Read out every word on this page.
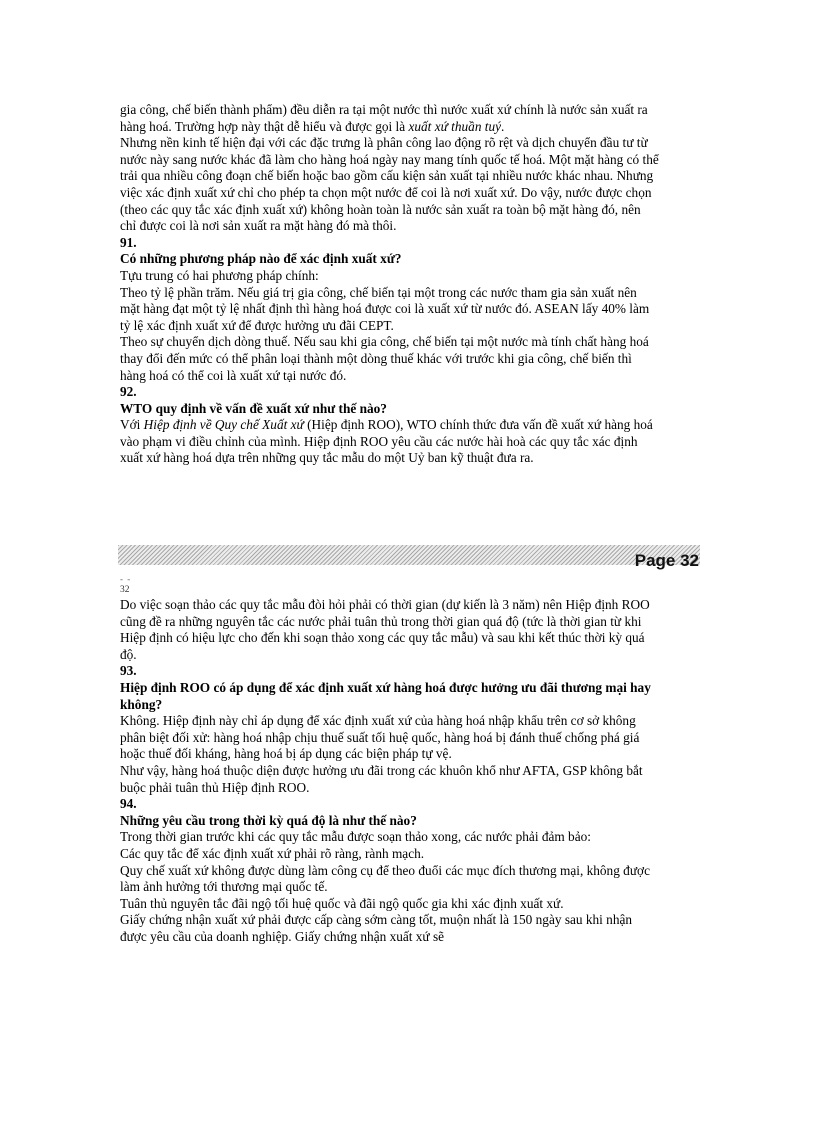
gia công, chế biến thành phẩm) đều diễn ra tại một nước thì nước xuất xứ chính là nước sản xuất ra hàng hoá. Trường hợp này thật dễ hiểu và được gọi là xuất xứ thuần tuý.

Nhưng nền kinh tế hiện đại với các đặc trưng là phân công lao động rõ rệt và dịch chuyển đầu tư từ nước này sang nước khác đã làm cho hàng hoá ngày nay mang tính quốc tế hoá. Một mặt hàng có thể trải qua nhiều công đoạn chế biến hoặc bao gồm cấu kiện sản xuất tại nhiều nước khác nhau. Nhưng việc xác định xuất xứ chỉ cho phép ta chọn một nước để coi là nơi xuất xứ. Do vậy, nước được chọn (theo các quy tắc xác định xuất xứ) không hoàn toàn là nước sản xuất ra toàn bộ mặt hàng đó, nên chỉ được coi là nơi sản xuất ra mặt hàng đó mà thôi.

91.

Có những phương pháp nào để xác định xuất xứ?

Tựu trung có hai phương pháp chính:

Theo tỷ lệ phần trăm. Nếu giá trị gia công, chế biến tại một trong các nước tham gia sản xuất nên mặt hàng đạt một tỷ lệ nhất định thì hàng hoá được coi là xuất xứ từ nước đó. ASEAN lấy 40% làm tỷ lệ xác định xuất xứ để được hưởng ưu đãi CEPT.

Theo sự chuyển dịch dòng thuế. Nếu sau khi gia công, chế biến tại một nước mà tính chất hàng hoá thay đổi đến mức có thể phân loại thành một dòng thuế khác với trước khi gia công, chế biến thì hàng hoá có thể coi là xuất xứ tại nước đó.

92.

WTO quy định về vấn đề xuất xứ như thế nào?

Với Hiệp định về Quy chế Xuất xứ (Hiệp định ROO), WTO chính thức đưa vấn đề xuất xứ hàng hoá vào phạm vi điều chỉnh của mình. Hiệp định ROO yêu cầu các nước hài hoà các quy tắc xác định xuất xứ hàng hoá dựa trên những quy tắc mẫu do một Uỷ ban kỹ thuật đưa ra.

Page 32
- -
32

Do việc soạn thảo các quy tắc mẫu đòi hỏi phải có thời gian (dự kiến là 3 năm) nên Hiệp định ROO cũng đề ra những nguyên tắc các nước phải tuân thủ trong thời gian quá độ (tức là thời gian từ khi Hiệp định có hiệu lực cho đến khi soạn thảo xong các quy tắc mẫu) và sau khi kết thúc thời kỳ quá độ.

93.

Hiệp định ROO có áp dụng để xác định xuất xứ hàng hoá được hưởng ưu đãi thương mại hay không?

Không. Hiệp định này chỉ áp dụng để xác định xuất xứ của hàng hoá nhập khẩu trên cơ sở không phân biệt đối xử: hàng hoá nhập chịu thuế suất tối huệ quốc, hàng hoá bị đánh thuế chống phá giá hoặc thuế đối kháng, hàng hoá bị áp dụng các biện pháp tự vệ.

Như vậy, hàng hoá thuộc diện được hưởng ưu đãi trong các khuôn khổ như AFTA, GSP không bắt buộc phải tuân thủ Hiệp định ROO.

94.

Những yêu cầu trong thời kỳ quá độ là như thế nào?

Trong thời gian trước khi các quy tắc mẫu được soạn thảo xong, các nước phải đảm bảo:

Các quy tắc để xác định xuất xứ phải rõ ràng, rành mạch.

Quy chế xuất xứ không được dùng làm công cụ để theo đuổi các mục đích thương mại, không được làm ảnh hưởng tới thương mại quốc tế.

Tuân thủ nguyên tắc đãi ngộ tối huệ quốc và đãi ngộ quốc gia khi xác định xuất xứ.

Giấy chứng nhận xuất xứ phải được cấp càng sớm càng tốt, muộn nhất là 150 ngày sau khi nhận được yêu cầu của doanh nghiệp. Giấy chứng nhận xuất xứ sẽ
